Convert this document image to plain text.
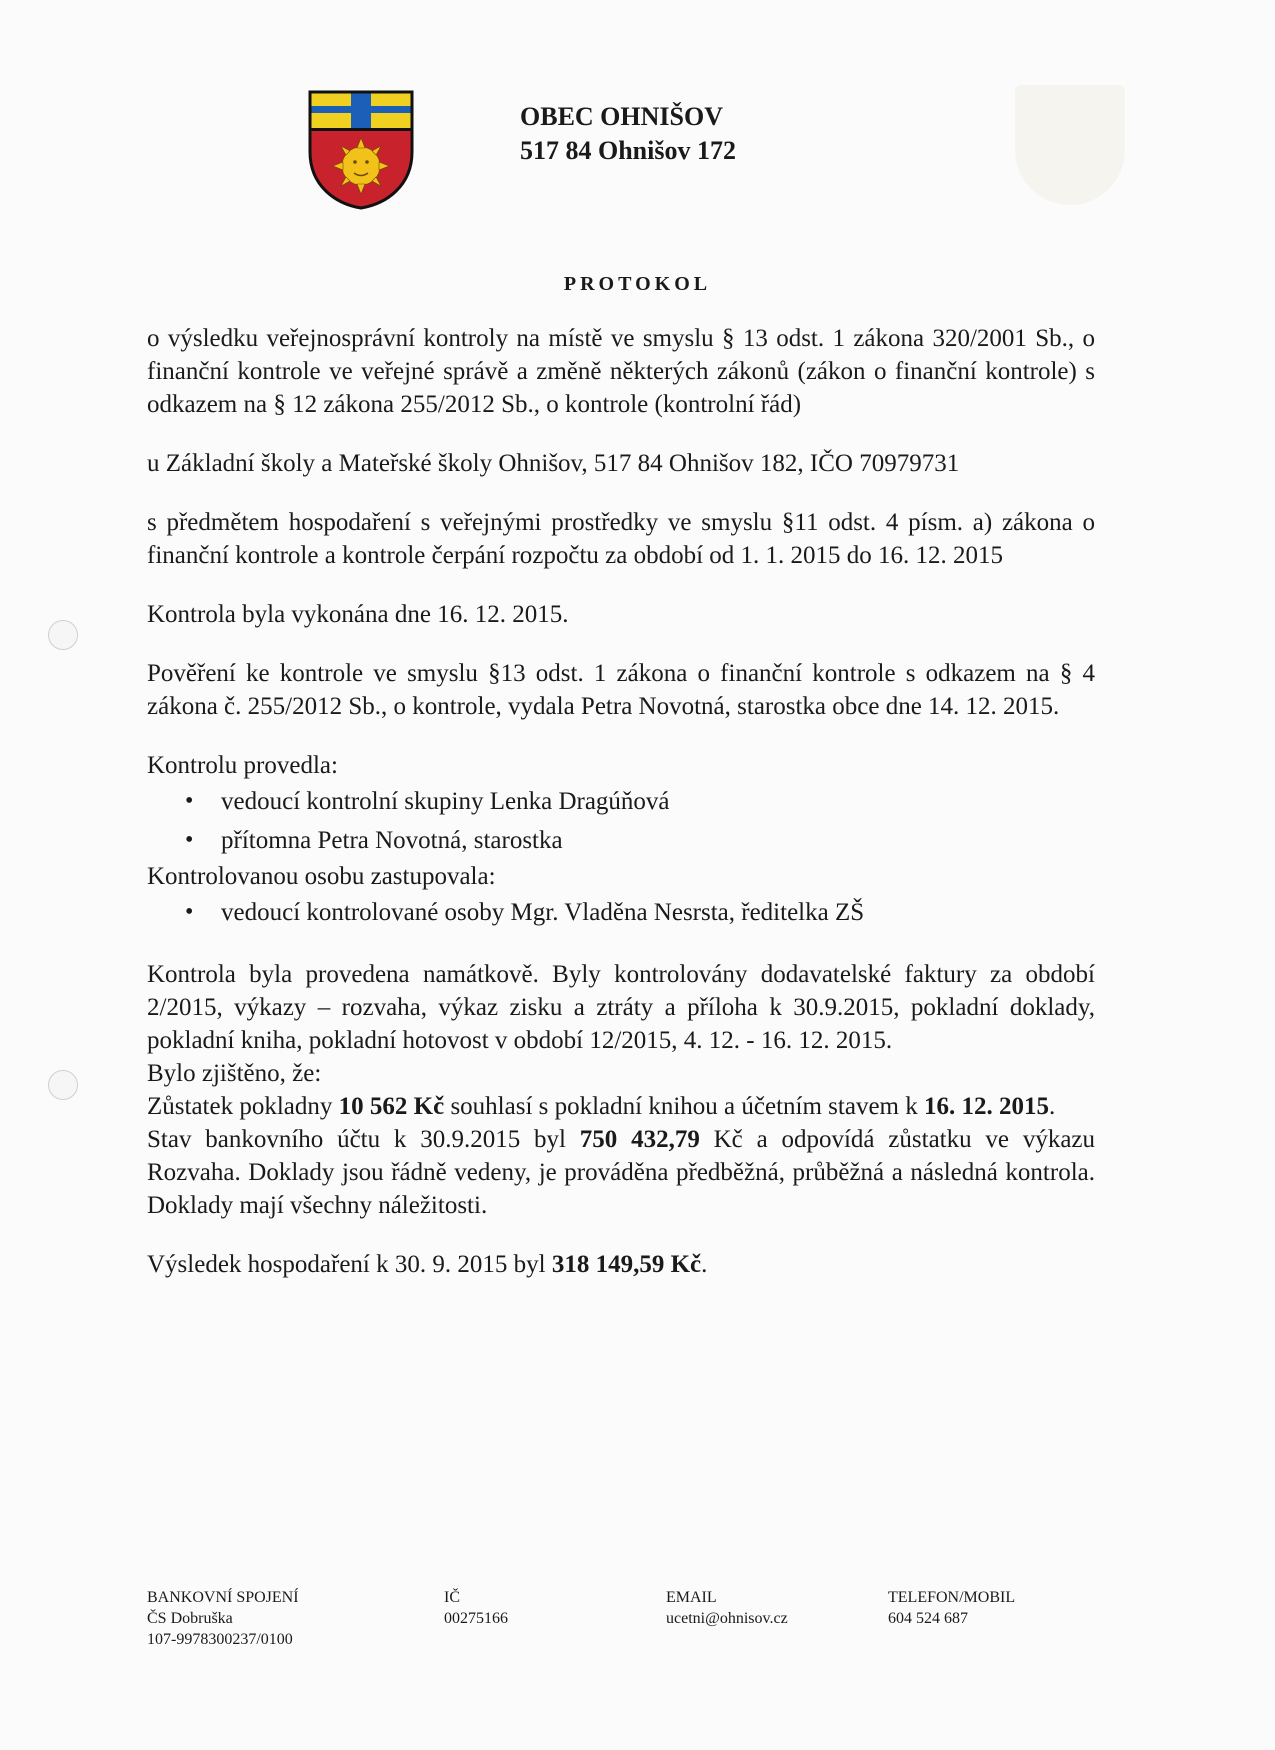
OBEC OHNIŠOV
517 84 Ohnišov 172
PROTOKOL

o výsledku veřejnosprávní kontroly na místě ve smyslu § 13 odst. 1 zákona 320/2001 Sb., o finanční kontrole ve veřejné správě a změně některých zákonů (zákon o finanční kontrole) s odkazem na § 12 zákona 255/2012 Sb., o kontrole (kontrolní řád)

u Základní školy a Mateřské školy Ohnišov, 517 84 Ohnišov 182, IČO 70979731

s předmětem hospodaření s veřejnými prostředky ve smyslu §11 odst. 4 písm. a) zákona o finanční kontrole a kontrole čerpání rozpočtu za období od 1. 1. 2015 do 16. 12. 2015

Kontrola byla vykonána dne 16. 12. 2015.

Pověření ke kontrole ve smyslu §13 odst. 1 zákona o finanční kontrole s odkazem na § 4 zákona č. 255/2012 Sb., o kontrole, vydala Petra Novotná, starostka obce dne 14. 12. 2015.

Kontrolu provedla:

• vedoucí kontrolní skupiny Lenka Dragúňová
• přítomna Petra Novotná, starostka

Kontrolovanou osobu zastupovala:

• vedoucí kontrolované osoby Mgr. Vladěna Nesrsta, ředitelka ZŠ

Kontrola byla provedena namátkově. Byly kontrolovány dodavatelské faktury za období 2/2015, výkazy – rozvaha, výkaz zisku a ztráty a příloha k 30.9.2015, pokladní doklady, pokladní kniha, pokladní hotovost v období 12/2015, 4. 12. - 16. 12. 2015.

Bylo zjištěno, že:

Zůstatek pokladny 10 562 Kč souhlasí s pokladní knihou a účetním stavem k 16. 12. 2015.

Stav bankovního účtu k 30.9.2015 byl 750 432,79 Kč a odpovídá zůstatku ve výkazu Rozvaha. Doklady jsou řádně vedeny, je prováděna předběžná, průběžná a následná kontrola. Doklady mají všechny náležitosti.

Výsledek hospodaření k 30. 9. 2015 byl 318 149,59 Kč.

BANKOVNÍ SPOJENÍ
ČS Dobruška
107-9978300237/0100
IČ
00275166
EMAIL
ucetni@ohnisov.cz
TELEFON/MOBIL
604 524 687
